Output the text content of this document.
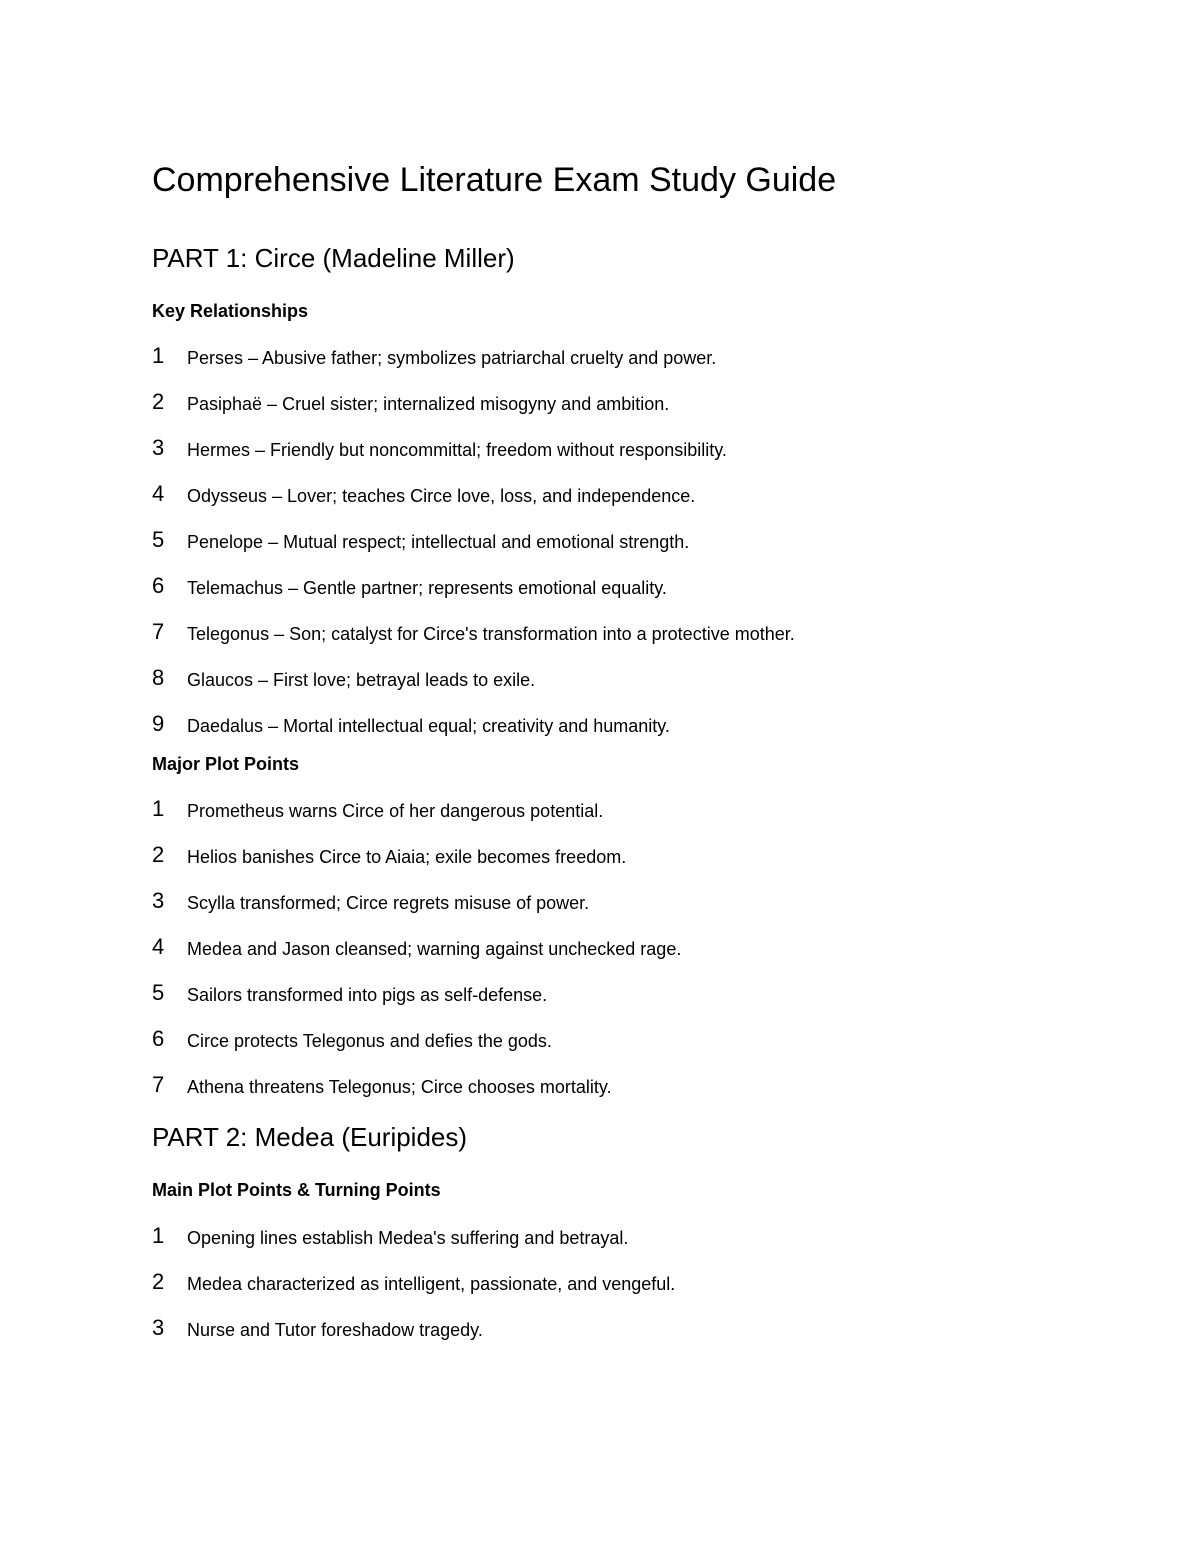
Comprehensive Literature Exam Study Guide
PART 1: Circe (Madeline Miller)
Key Relationships
1	Perses – Abusive father; symbolizes patriarchal cruelty and power.
2	Pasiphaë – Cruel sister; internalized misogyny and ambition.
3	Hermes – Friendly but noncommittal; freedom without responsibility.
4	Odysseus – Lover; teaches Circe love, loss, and independence.
5	Penelope – Mutual respect; intellectual and emotional strength.
6	Telemachus – Gentle partner; represents emotional equality.
7	Telegonus – Son; catalyst for Circe's transformation into a protective mother.
8	Glaucos – First love; betrayal leads to exile.
9	Daedalus – Mortal intellectual equal; creativity and humanity.
Major Plot Points
1	Prometheus warns Circe of her dangerous potential.
2	Helios banishes Circe to Aiaia; exile becomes freedom.
3	Scylla transformed; Circe regrets misuse of power.
4	Medea and Jason cleansed; warning against unchecked rage.
5	Sailors transformed into pigs as self-defense.
6	Circe protects Telegonus and defies the gods.
7	Athena threatens Telegonus; Circe chooses mortality.
PART 2: Medea (Euripides)
Main Plot Points & Turning Points
1	Opening lines establish Medea's suffering and betrayal.
2	Medea characterized as intelligent, passionate, and vengeful.
3	Nurse and Tutor foreshadow tragedy.
